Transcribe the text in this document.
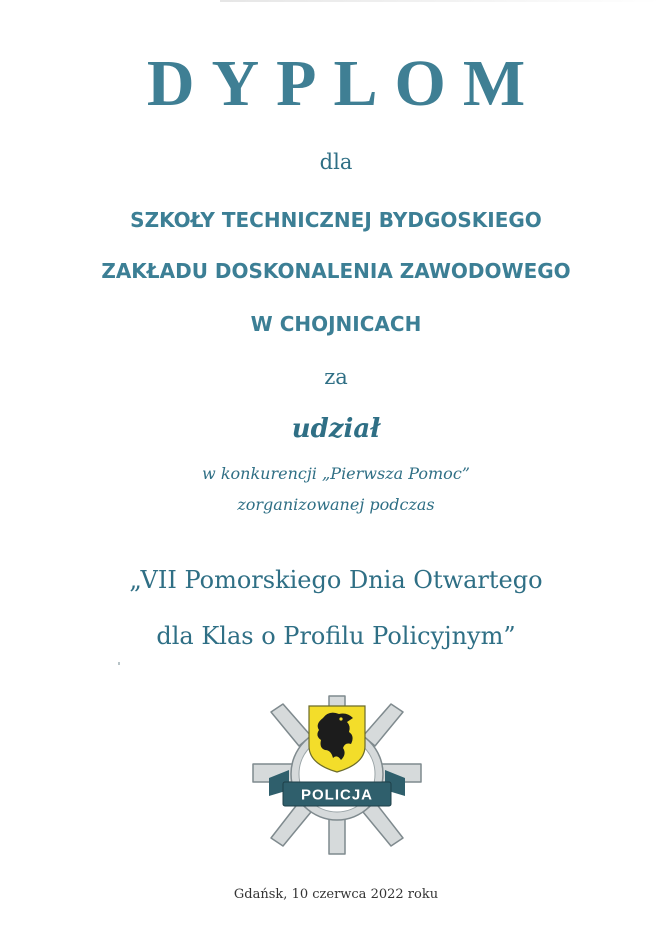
DYPLOM
dla
SZKOŁY TECHNICZNEJ BYDGOSKIEGO
ZAKŁADU DOSKONALENIA ZAWODOWEGO
W CHOJNICACH
za
udział
w konkurencji „Pierwsza Pomoc”
zorganizowanej podczas
„VII Pomorskiego Dnia Otwartego
dla Klas o Profilu Policyjnym”
POLICJA
Gdańsk, 10 czerwca 2022 roku
